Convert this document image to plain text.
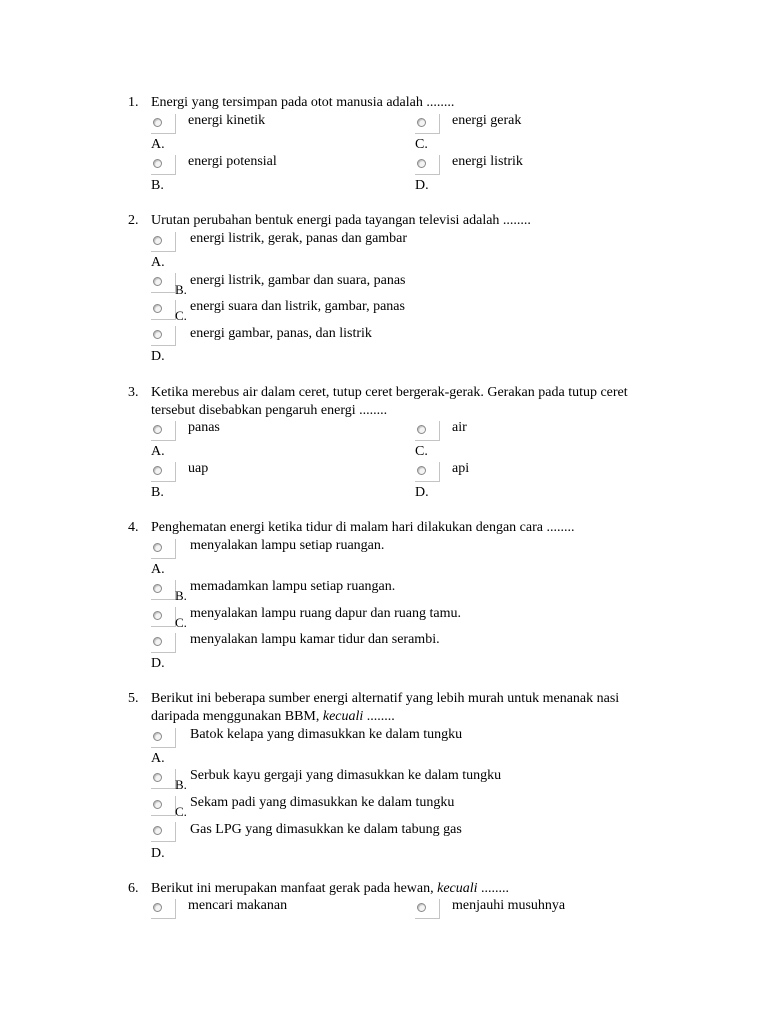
1. Energi yang tersimpan pada otot manusia adalah ........
energi kinetik
A.
energi potensial
B.
energi gerak
C.
energi listrik
D.
2. Urutan perubahan bentuk energi pada tayangan televisi adalah ........
energi listrik, gerak, panas dan gambar
A.
B.
energi listrik, gambar dan suara, panas
C.
energi suara dan listrik, gambar, panas
energi gambar, panas, dan listrik
D.
3. Ketika merebus air dalam ceret, tutup ceret bergerak-gerak. Gerakan pada tutup ceret
tersebut disebabkan pengaruh energi ........
panas
A.
uap
B.
air
C.
api
D.
4. Penghematan energi ketika tidur di malam hari dilakukan dengan cara ........
menyalakan lampu setiap ruangan.
A.
B.
memadamkan lampu setiap ruangan.
C.
menyalakan lampu ruang dapur dan ruang tamu.
menyalakan lampu kamar tidur dan serambi.
D.
5. Berikut ini beberapa sumber energi alternatif yang lebih murah untuk menanak nasi
daripada menggunakan BBM, kecuali ........
Batok kelapa yang dimasukkan ke dalam tungku
A.
B.
Serbuk kayu gergaji yang dimasukkan ke dalam tungku
C.
Sekam padi yang dimasukkan ke dalam tungku
Gas LPG yang dimasukkan ke dalam tabung gas
D.
6. Berikut ini merupakan manfaat gerak pada hewan, kecuali ........
mencari makanan	menjauhi musuhnya
